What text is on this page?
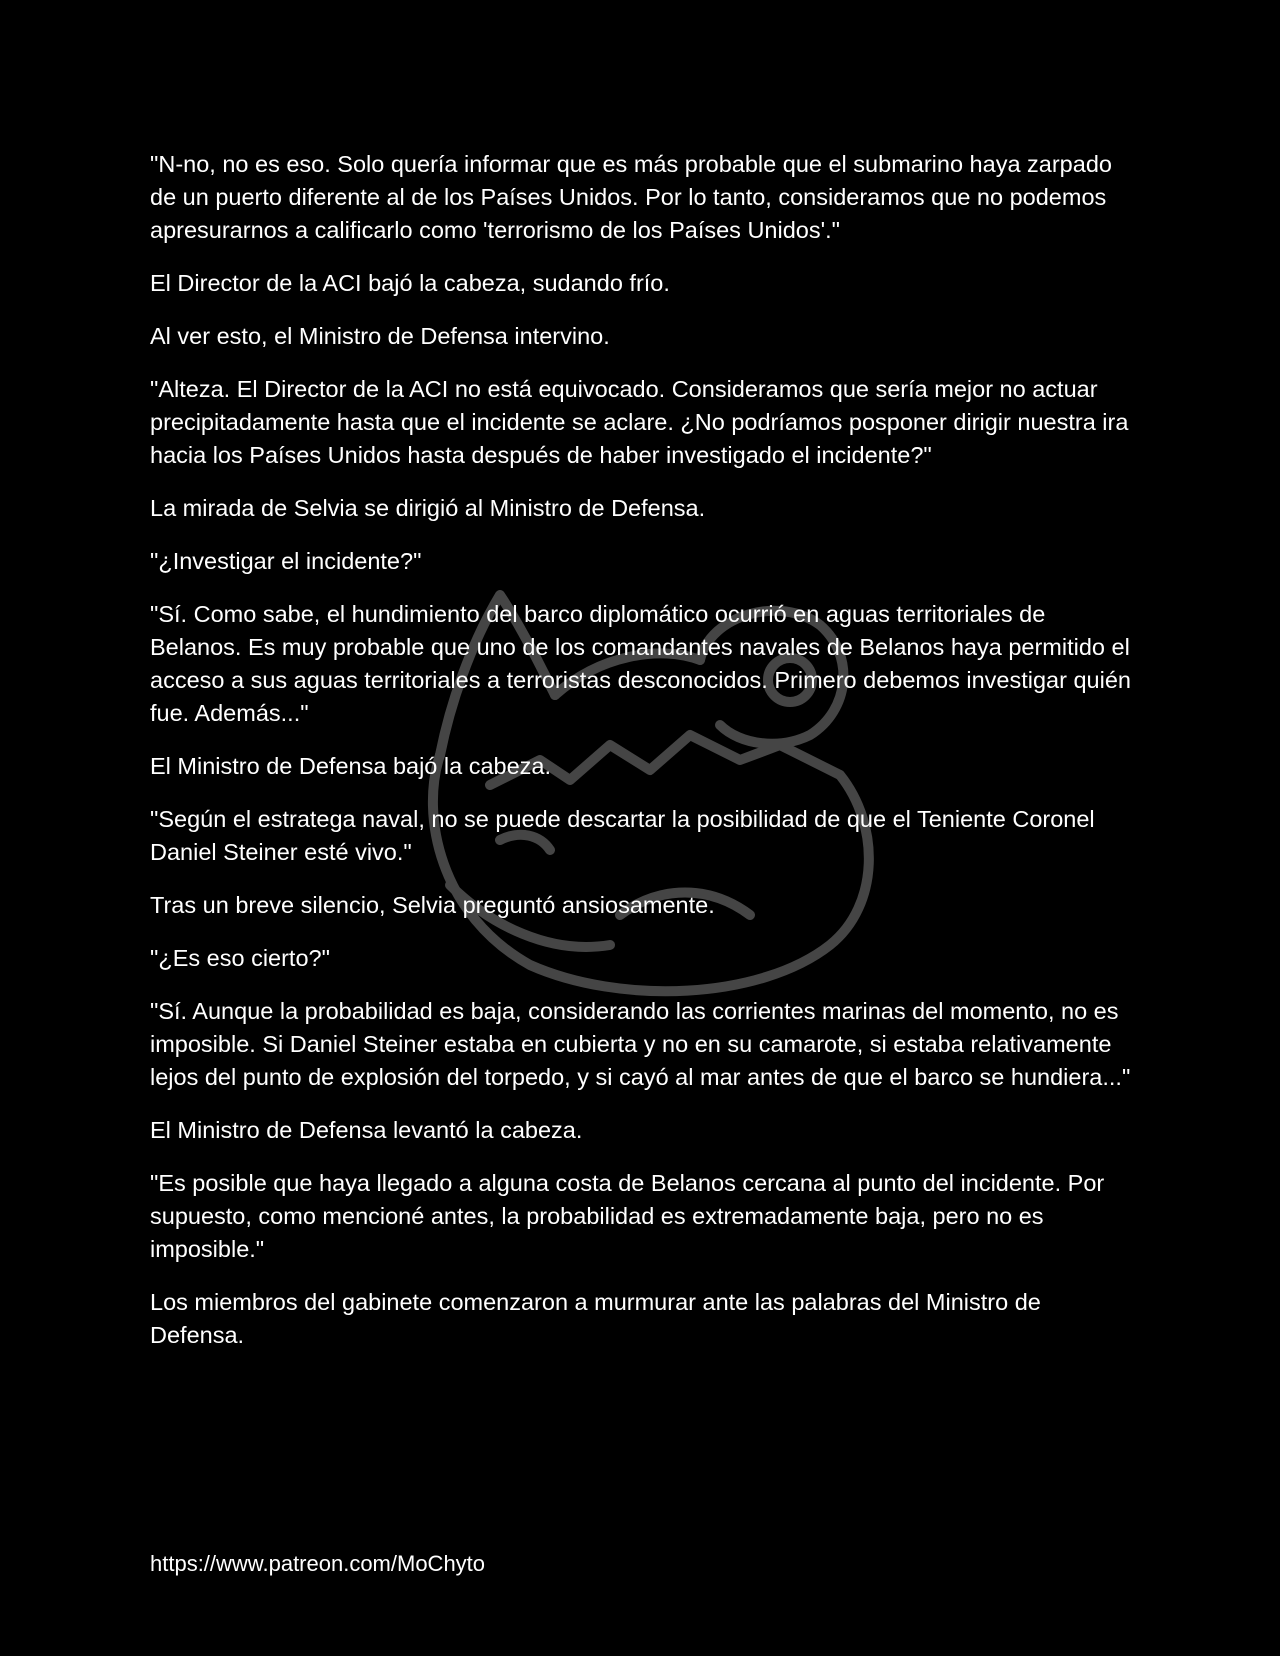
"N-no, no es eso. Solo quería informar que es más probable que el submarino haya zarpado de un puerto diferente al de los Países Unidos. Por lo tanto, consideramos que no podemos apresurarnos a calificarlo como 'terrorismo de los Países Unidos'."

El Director de la ACI bajó la cabeza, sudando frío.

Al ver esto, el Ministro de Defensa intervino.

"Alteza. El Director de la ACI no está equivocado. Consideramos que sería mejor no actuar precipitadamente hasta que el incidente se aclare. ¿No podríamos posponer dirigir nuestra ira hacia los Países Unidos hasta después de haber investigado el incidente?"

La mirada de Selvia se dirigió al Ministro de Defensa.

"¿Investigar el incidente?"

"Sí. Como sabe, el hundimiento del barco diplomático ocurrió en aguas territoriales de Belanos. Es muy probable que uno de los comandantes navales de Belanos haya permitido el acceso a sus aguas territoriales a terroristas desconocidos. Primero debemos investigar quién fue. Además..."

El Ministro de Defensa bajó la cabeza.

"Según el estratega naval, no se puede descartar la posibilidad de que el Teniente Coronel Daniel Steiner esté vivo."

Tras un breve silencio, Selvia preguntó ansiosamente.

"¿Es eso cierto?"

"Sí. Aunque la probabilidad es baja, considerando las corrientes marinas del momento, no es imposible. Si Daniel Steiner estaba en cubierta y no en su camarote, si estaba relativamente lejos del punto de explosión del torpedo, y si cayó al mar antes de que el barco se hundiera..."

El Ministro de Defensa levantó la cabeza.

"Es posible que haya llegado a alguna costa de Belanos cercana al punto del incidente. Por supuesto, como mencioné antes, la probabilidad es extremadamente baja, pero no es imposible."

Los miembros del gabinete comenzaron a murmurar ante las palabras del Ministro de Defensa.

https://www.patreon.com/MoChyto
